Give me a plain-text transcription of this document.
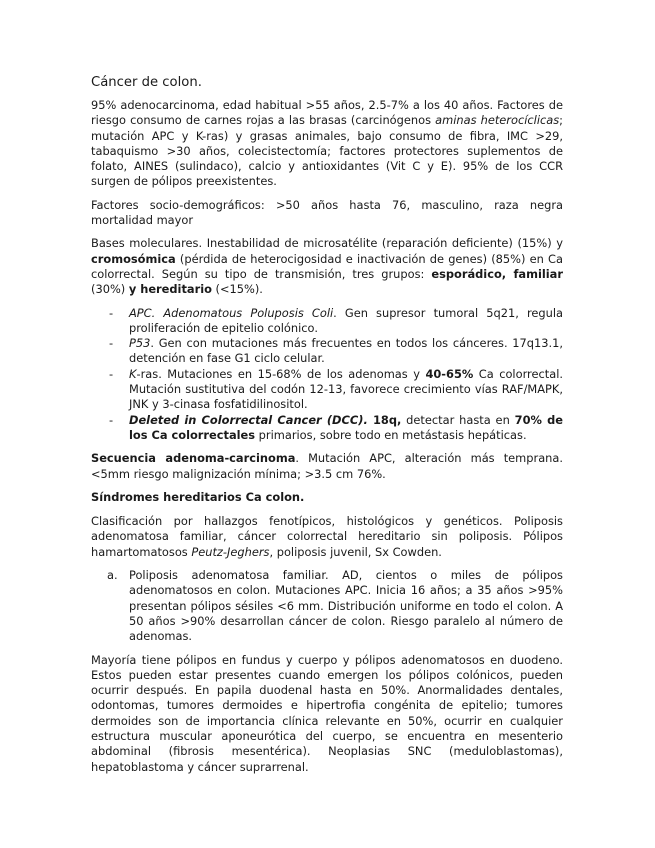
Cáncer de colon.

95% adenocarcinoma, edad habitual >55 años, 2.5-7% a los 40 años. Factores de riesgo consumo de carnes rojas a las brasas (carcinógenos aminas heterocíclicas; mutación APC y K-ras) y grasas animales, bajo consumo de fibra, IMC >29, tabaquismo >30 años, colecistectomía; factores protectores suplementos de folato, AINES (sulindaco), calcio y antioxidantes (Vit C y E). 95% de los CCR surgen de pólipos preexistentes.

Factores socio-demográficos: >50 años hasta 76, masculino, raza negra mortalidad mayor

Bases moleculares. Inestabilidad de microsatélite (reparación deficiente) (15%) y cromosómica (pérdida de heterocigosidad e inactivación de genes) (85%) en Ca colorrectal. Según su tipo de transmisión, tres grupos: esporádico, familiar (30%) y hereditario (<15%).

- APC. Adenomatous Poluposis Coli. Gen supresor tumoral 5q21, regula proliferación de epitelio colónico.
- P53. Gen con mutaciones más frecuentes en todos los cánceres. 17q13.1, detención en fase G1 ciclo celular.
- K-ras. Mutaciones en 15-68% de los adenomas y 40-65% Ca colorrectal. Mutación sustitutiva del codón 12-13, favorece crecimiento vías RAF/MAPK, JNK y 3-cinasa fosfatidilinositol.
- Deleted in Colorrectal Cancer (DCC). 18q, detectar hasta en 70% de los Ca colorrectales primarios, sobre todo en metástasis hepáticas.

Secuencia adenoma-carcinoma. Mutación APC, alteración más temprana. <5mm riesgo malignización mínima; >3.5 cm 76%.

Síndromes hereditarios Ca colon.

Clasificación por hallazgos fenotípicos, histológicos y genéticos. Poliposis adenomatosa familiar, cáncer colorrectal hereditario sin poliposis. Pólipos hamartomatosos Peutz-Jeghers, poliposis juvenil, Sx Cowden.

a. Poliposis adenomatosa familiar. AD, cientos o miles de pólipos adenomatosos en colon. Mutaciones APC. Inicia 16 años; a 35 años >95% presentan pólipos sésiles <6 mm. Distribución uniforme en todo el colon. A 50 años >90% desarrollan cáncer de colon. Riesgo paralelo al número de adenomas.

Mayoría tiene pólipos en fundus y cuerpo y pólipos adenomatosos en duodeno. Estos pueden estar presentes cuando emergen los pólipos colónicos, pueden ocurrir después. En papila duodenal hasta en 50%. Anormalidades dentales, odontomas, tumores dermoides e hipertrofia congénita de epitelio; tumores dermoides son de importancia clínica relevante en 50%, ocurrir en cualquier estructura muscular aponeurótica del cuerpo, se encuentra en mesenterio abdominal (fibrosis mesentérica). Neoplasias SNC (meduloblastomas), hepatoblastoma y cáncer suprarrenal.
